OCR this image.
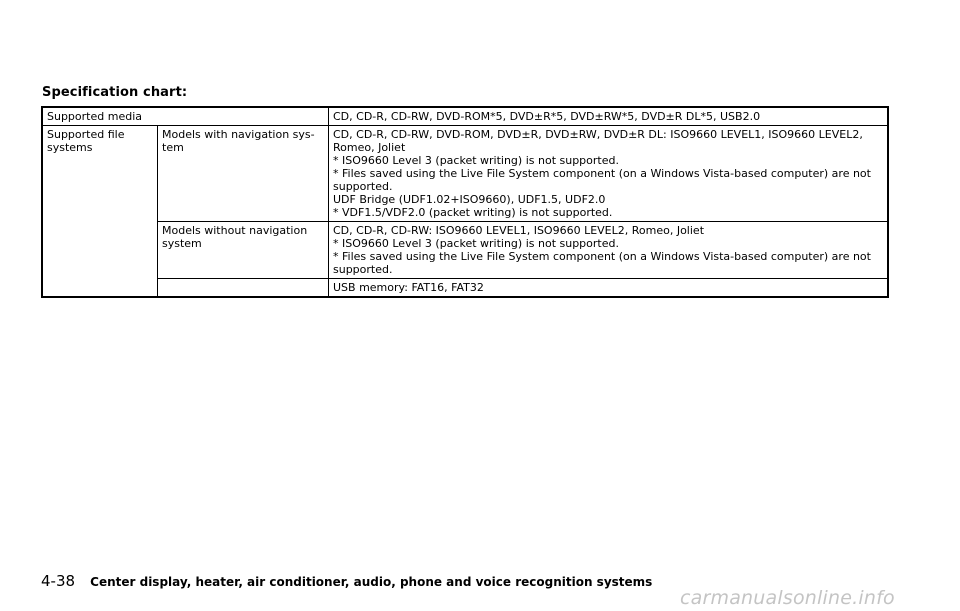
Specification chart:
Supported media		CD, CD-R, CD-RW, DVD-ROM*5, DVD±R*5, DVD±RW*5, DVD±R DL*5, USB2.0
Supported file systems	Models with navigation sys-tem	CD, CD-R, CD-RW, DVD-ROM, DVD±R, DVD±RW, DVD±R DL: ISO9660 LEVEL1, ISO9660 LEVEL2, Romeo, Joliet
* ISO9660 Level 3 (packet writing) is not supported.
* Files saved using the Live File System component (on a Windows Vista-based computer) are not supported.
UDF Bridge (UDF1.02+ISO9660), UDF1.5, UDF2.0
* VDF1.5/VDF2.0 (packet writing) is not supported.

	Models without navigation system	CD, CD-R, CD-RW: ISO9660 LEVEL1, ISO9660 LEVEL2, Romeo, Joliet
* ISO9660 Level 3 (packet writing) is not supported.
* Files saved using the Live File System component (on a Windows Vista-based computer) are not supported.

		USB memory: FAT16, FAT32
4-38 Center display, heater, air conditioner, audio, phone and voice recognition systems
carmanualsonline.info
